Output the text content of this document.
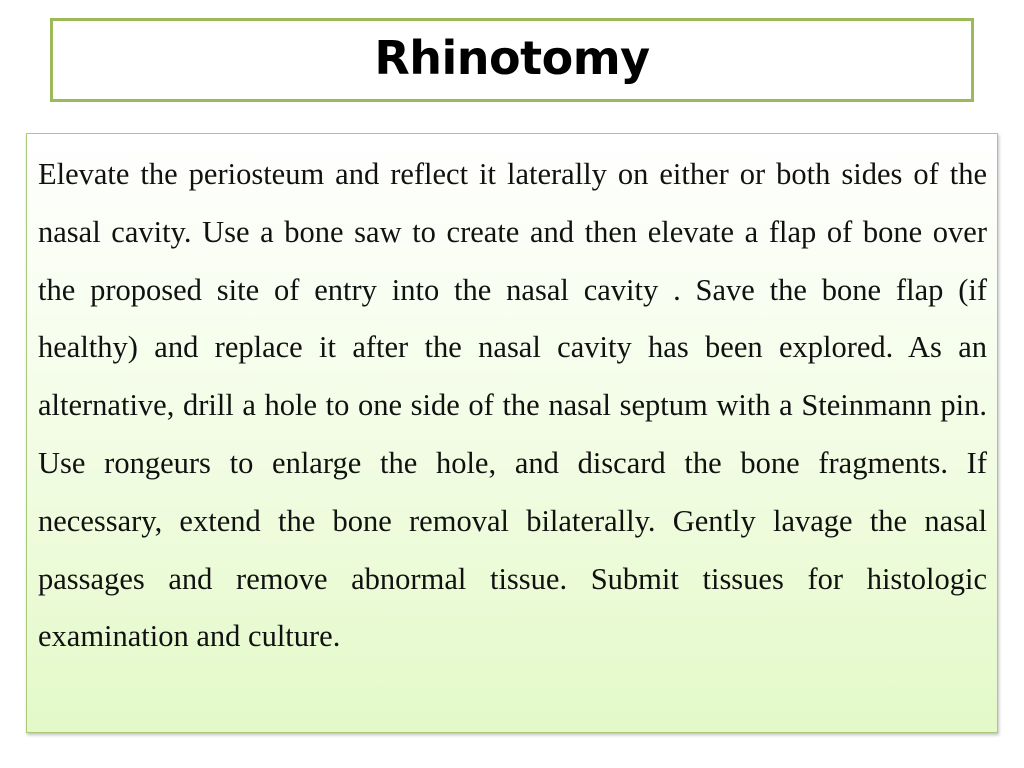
Rhinotomy

Elevate the periosteum and reflect it laterally on either or both sides of the nasal cavity. Use a bone saw to create and then elevate a flap of bone over the proposed site of entry into the nasal cavity . Save the bone flap (if healthy) and replace it after the nasal cavity has been explored. As an alternative, drill a hole to one side of the nasal septum with a Steinmann pin. Use rongeurs to enlarge the hole, and discard the bone fragments. If necessary, extend the bone removal bilaterally. Gently lavage the nasal passages and remove abnormal tissue. Submit tissues for histologic examination and culture.
